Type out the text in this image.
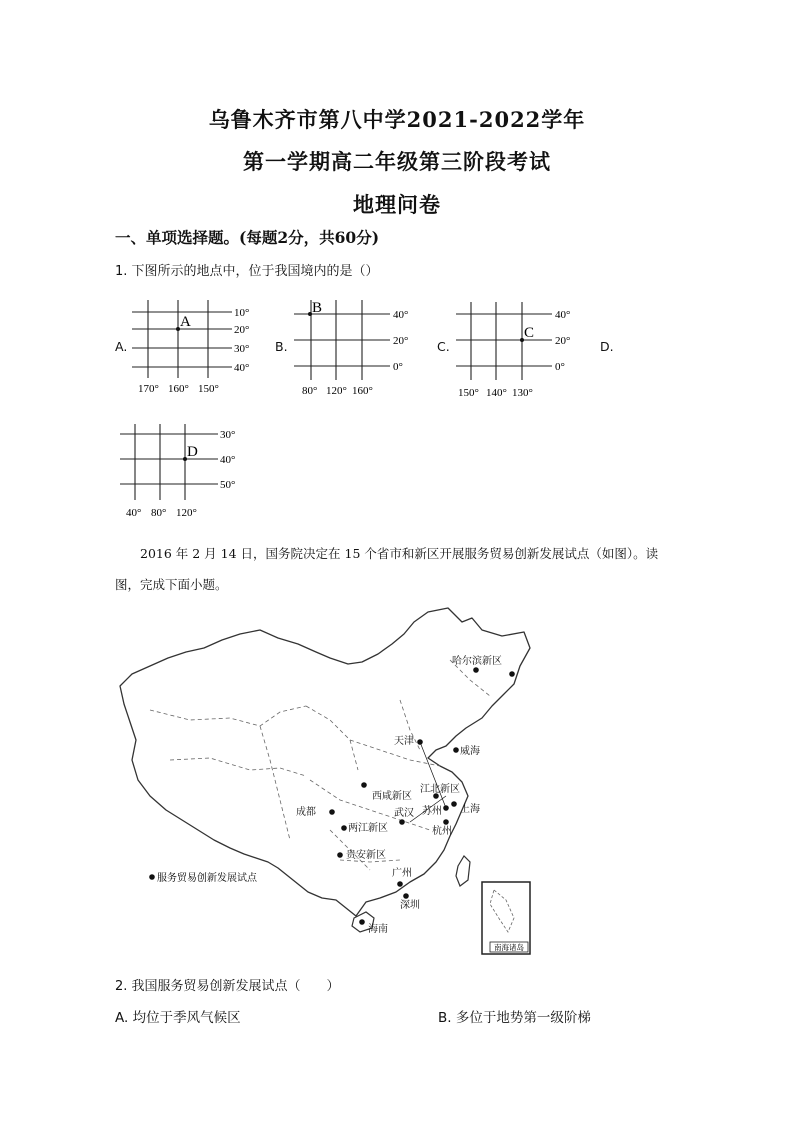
乌鲁木齐市第八中学2021-2022学年
第一学期高二年级第三阶段考试
地理问卷
一、单项选择题。(每题2分，共60分)
1. 下图所示的地点中，位于我国境内的是（）
A.
A
10°
20°
30°
40°
170° 160° 150°
B.
B	40°
20°
0°
80° 120° 160°
C.
C
40°
20°
0°
150° 140° 130°
D.
D
30°
40°
50°
40° 80° 120°
2016 年 2 月 14 日，国务院决定在 15 个省市和新区开展服务贸易创新发展试点（如图）。读
图，完成下面小题。
南海诸岛
服务贸易创新发展试点
哈尔滨新区
天津
威海
西咸新区
江北新区
上海
苏州
武汉
杭州
成都
两江新区
贵安新区
广州
深圳
海南
2. 我国服务贸易创新发展试点（　　）
A. 均位于季风气候区	B. 多位于地势第一级阶梯
